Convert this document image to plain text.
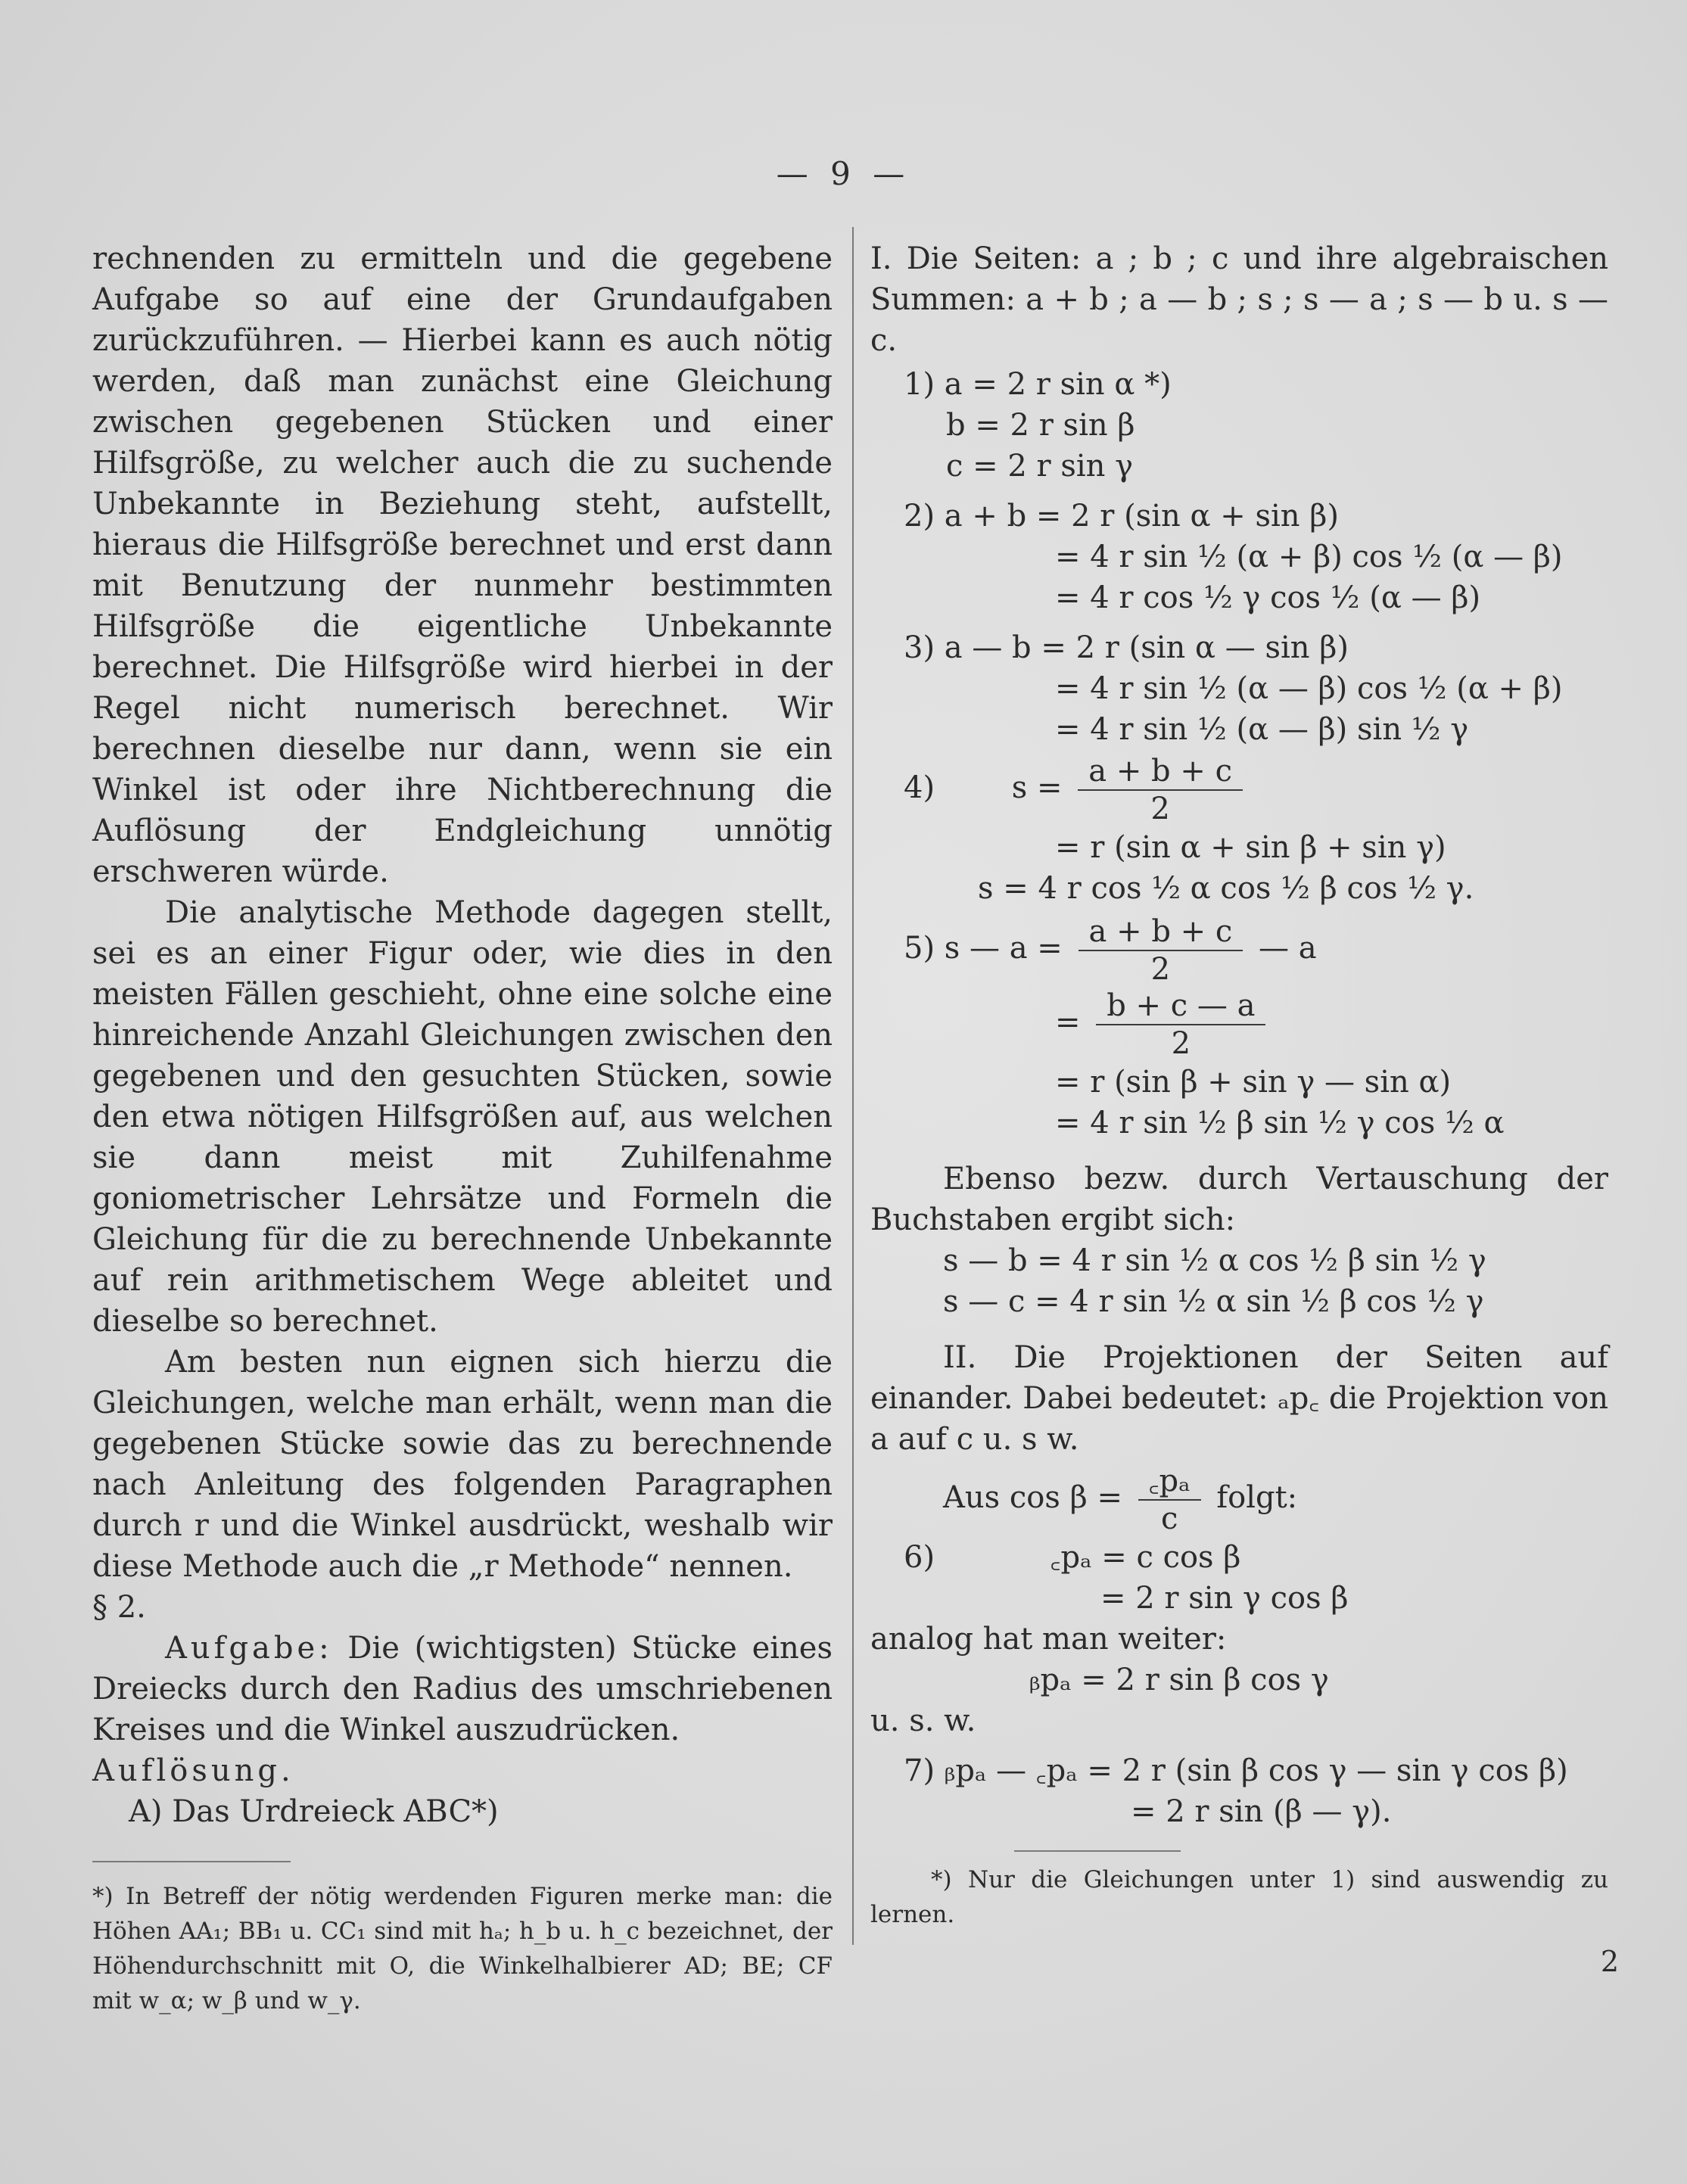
— 9 —

rechnenden zu ermitteln und die gegebene Aufgabe so auf eine der Grundaufgaben zurückzuführen. — Hierbei kann es auch nötig werden, daß man zunächst eine Gleichung zwischen gegebenen Stücken und einer Hilfsgröße, zu welcher auch die zu suchende Unbekannte in Beziehung steht, aufstellt, hieraus die Hilfsgröße berechnet und erst dann mit Benutzung der nunmehr bestimmten Hilfsgröße die eigentliche Unbekannte berechnet. Die Hilfsgröße wird hierbei in der Regel nicht numerisch berechnet. Wir berechnen dieselbe nur dann, wenn sie ein Winkel ist oder ihre Nichtberechnung die Auflösung der Endgleichung unnötig erschweren würde.

Die analytische Methode dagegen stellt, sei es an einer Figur oder, wie dies in den meisten Fällen geschieht, ohne eine solche eine hinreichende Anzahl Gleichungen zwischen den gegebenen und den gesuchten Stücken, sowie den etwa nötigen Hilfsgrößen auf, aus welchen sie dann meist mit Zuhilfenahme goniometrischer Lehrsätze und Formeln die Gleichung für die zu berechnende Unbekannte auf rein arithmetischem Wege ableitet und dieselbe so berechnet.

Am besten nun eignen sich hierzu die Gleichungen, welche man erhält, wenn man die gegebenen Stücke sowie das zu berechnende nach Anleitung des folgenden Paragraphen durch r und die Winkel ausdrückt, weshalb wir diese Methode auch die „r Methode“ nennen.

§ 2.

Aufgabe: Die (wichtigsten) Stücke eines Dreiecks durch den Radius des umschriebenen Kreises und die Winkel auszudrücken.

Auflösung.

A) Das Urdreieck ABC*)

*) In Betreff der nötig werdenden Figuren merke man: die Höhen AA₁; BB₁ u. CC₁ sind mit hₐ; h_b u. h_c bezeichnet, der Höhendurchschnitt mit O, die Winkelhalbierer AD; BE; CF mit w_α; w_β und w_γ.

I. Die Seiten: a ; b ; c und ihre algebraischen Summen: a + b ; a — b ; s ; s — a ; s — b u. s — c.

1) a = 2 r sin α *)
b = 2 r sin β
c = 2 r sin γ
2) a + b = 2 r (sin α + sin β)
= 4 r sin ½ (α + β) cos ½ (α — β)
= 4 r cos ½ γ cos ½ (α — β)
3) a — b = 2 r (sin α — sin β)
= 4 r sin ½ (α — β) cos ½ (α + β)
= 4 r sin ½ (α — β) sin ½ γ
4)        $s = \frac{a + b + c}{2}$
= r (sin α + sin β + sin γ)
s = 4 r cos ½ α cos ½ β cos ½ γ.
5) s — $a = \frac{a + b + c}{2}$ — a
= $\frac{b + c — a}{2}$
= r (sin β + sin γ — sin α)
= 4 r sin ½ β sin ½ γ cos ½ α

Ebenso bezw. durch Vertauschung der Buchstaben ergibt sich:

s — b = 4 r sin ½ α cos ½ β sin ½ γ
s — c = 4 r sin ½ α sin ½ β cos ½ γ

II. Die Projektionen der Seiten auf einander. Dabei bedeutet: ₐp꜀ die Projektion von a auf c u. s w.

Aus $\cos \beta = \frac{\text{꜀pₐ}}{c} folgt$:
6)            ꜀pₐ = c cos β
= 2 r sin γ cos β

analog hat man weiter:

ᵦpₐ = 2 r sin β cos γ

u. s. w.

7) ᵦpₐ — ꜀pₐ = 2 r (sin β cos γ — sin γ cos β)
= 2 r sin (β — γ).
*) Nur die Gleichungen unter 1) sind auswendig zu lernen.
2
